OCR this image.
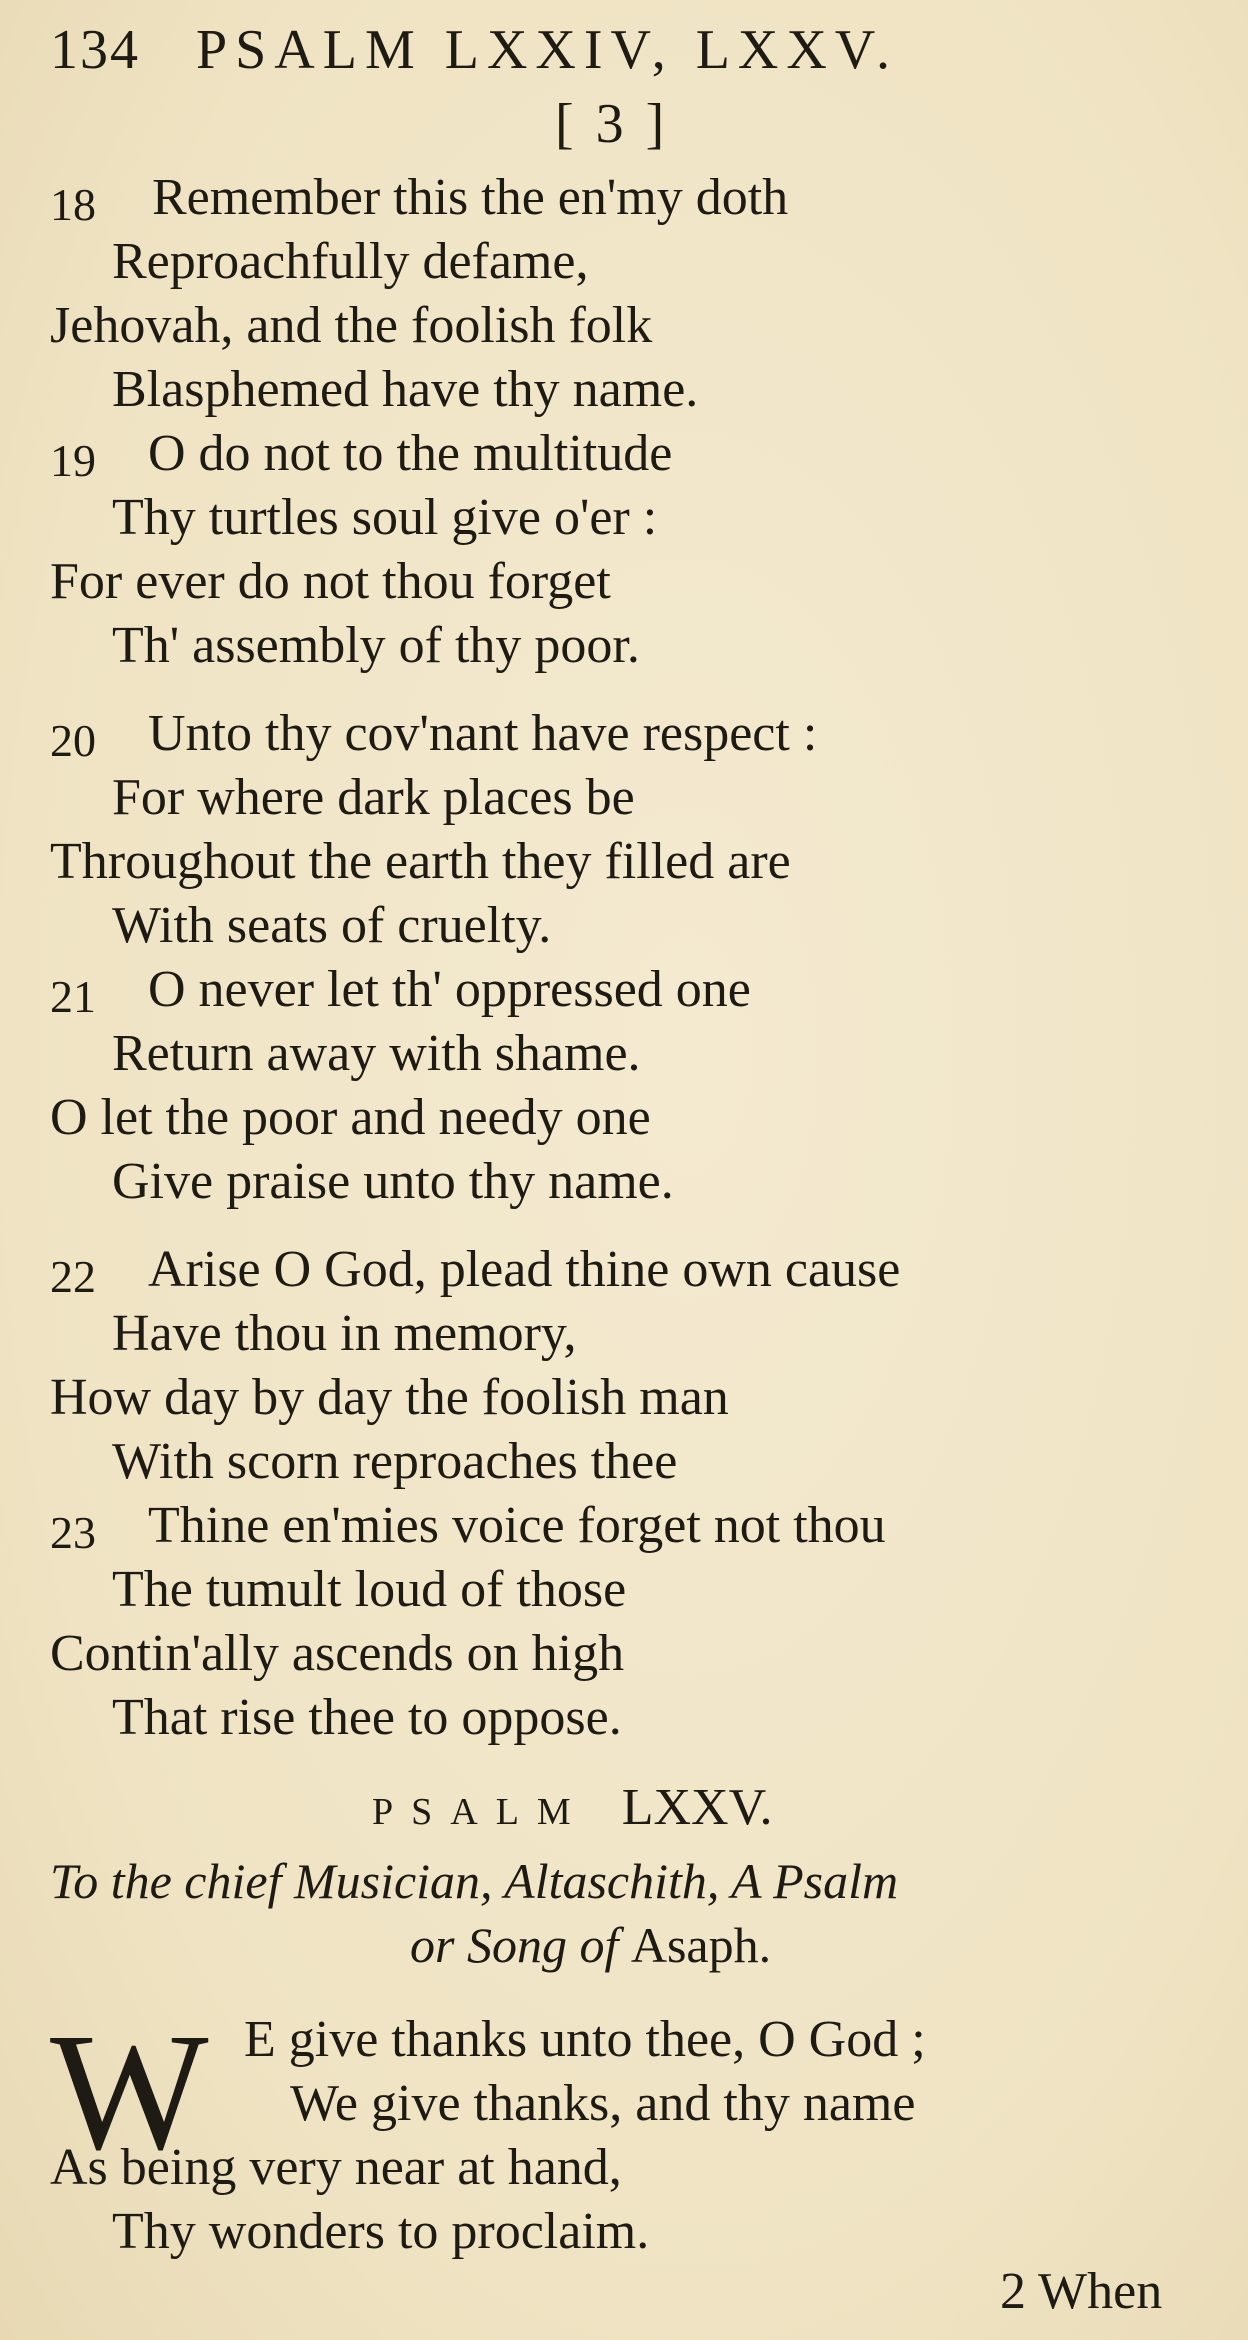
134 PSALM LXXIV, LXXV.
[ 3 ]
18 Remember this the en'my doth
Reproachfully defame,
Jehovah, and the foolish folk
Blasphemed have thy name.
19 O do not to the multitude
Thy turtles soul give o'er :
For ever do not thou forget
Th' assembly of thy poor.
20 Unto thy cov'nant have respect :
For where dark places be
Throughout the earth they filled are
With seats of cruelty.
21 O never let th' oppressed one
Return away with shame.
O let the poor and needy one
Give praise unto thy name.
22 Arise O God, plead thine own cause
Have thou in memory,
How day by day the foolish man
With scorn reproaches thee
23 Thine en'mies voice forget not thou
The tumult loud of those
Contin'ally ascends on high
That rise thee to oppose.
PSALM LXXV.
To the chief Musician, Altaschith, A Psalm
or Song of Asaph.
W E give thanks unto thee, O God ;
We give thanks, and thy name
As being very near at hand,
Thy wonders to proclaim.
2 When
